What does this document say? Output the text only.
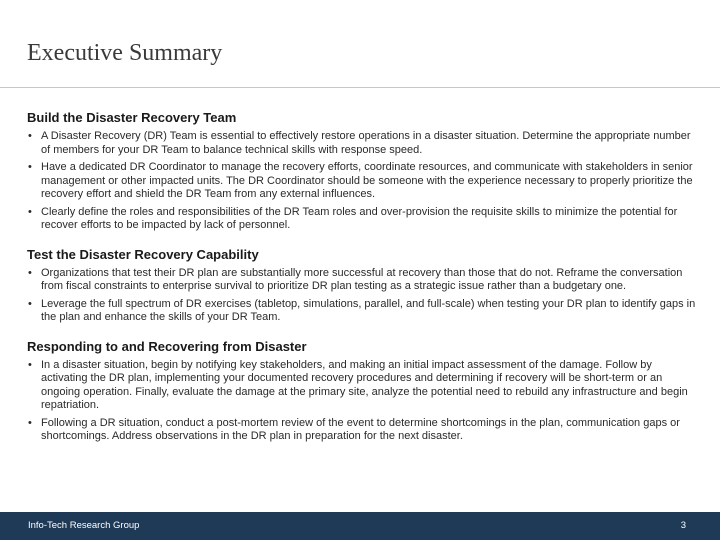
Executive Summary
Build the Disaster Recovery Team
• A Disaster Recovery (DR) Team is essential to effectively restore operations in a disaster situation. Determine the appropriate number of members for your DR Team to balance technical skills with response speed.
• Have a dedicated DR Coordinator to manage the recovery efforts, coordinate resources, and communicate with stakeholders in senior management or other impacted units. The DR Coordinator should be someone with the experience necessary to properly prioritize the recovery effort and shield the DR Team from any external influences.
• Clearly define the roles and responsibilities of the DR Team roles and over-provision the requisite skills to minimize the potential for recover efforts to be impacted by lack of personnel.
Test the Disaster Recovery Capability
• Organizations that test their DR plan are substantially more successful at recovery than those that do not. Reframe the conversation from fiscal constraints to enterprise survival to prioritize DR plan testing as a strategic issue rather than a budgetary one.
• Leverage the full spectrum of DR exercises (tabletop, simulations, parallel, and full-scale) when testing your DR plan to identify gaps in the plan and enhance the skills of your DR Team.
Responding to and Recovering from Disaster
• In a disaster situation, begin by notifying key stakeholders, and making an initial impact assessment of the damage. Follow by activating the DR plan, implementing your documented recovery procedures and determining if recovery will be short-term or an ongoing operation. Finally, evaluate the damage at the primary site, analyze the potential need to rebuild any infrastructure and begin repatriation.
• Following a DR situation, conduct a post-mortem review of the event to determine shortcomings in the plan, communication gaps or shortcomings. Address observations in the DR plan in preparation for the next disaster.
Info-Tech Research Group	3
